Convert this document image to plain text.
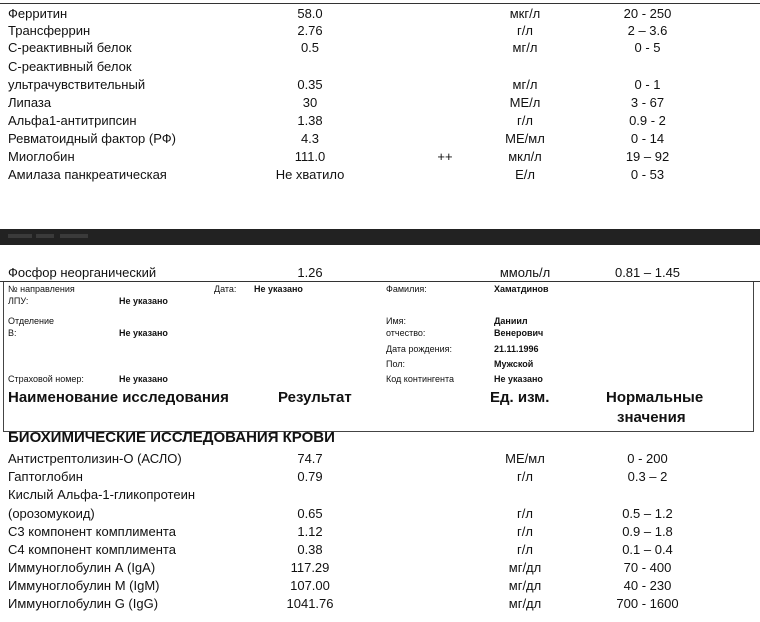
Ферритин	58.0	мкг/л	20 - 250
Трансферрин	2.76	г/л	2 – 3.6
С-реактивный белок	0.5	мг/л	0 - 5
С-реактивный белок
ультрачувствительный	0.35	мг/л	0 - 1
Липаза	30	МЕ/л	3 - 67
Альфа1-антитрипсин	1.38	г/л	0.9 - 2
Ревматоидный фактор (РФ)	4.3	МЕ/мл	0 - 14
Миоглобин	111.0	++	мкл/л	19 – 92
Амилаза панкреатическая	Не хватило	Е/л	0 - 53
Фосфор неорганический	1.26	ммоль/л	0.81 – 1.45
№ направления	Дата: Не указано	Фамилия:	Хаматдинов
ЛПУ:	Не указано
Отделение	Имя:	Даниил
В:	Не указано	отчество:	Венерович
Дата рождения:	21.11.1996
Пол:	Мужской
Страховой номер:	Не указано	Код контингента	Не указано
Наименование исследования	Результат	Ед. изм.	Нормальные
значения
БИОХИМИЧЕСКИЕ ИССЛЕДОВАНИЯ КРОВИ
Антистрептолизин-О (АСЛО)	74.7	МЕ/мл	0 - 200
Гаптоглобин	0.79	г/л	0.3 – 2
Кислый Альфа-1-гликопротеин
(орозомукоид)	0.65	г/л	0.5 – 1.2
С3 компонент комплимента	1.12	г/л	0.9 – 1.8
С4 компонент комплимента	0.38	г/л	0.1 – 0.4
Иммуноглобулин А (IgA)	117.29	мг/дл	70 - 400
Иммуноглобулин М (IgM)	107.00	мг/дл	40 - 230
Иммуноглобулин G (IgG)	1041.76	мг/дл	700 - 1600
